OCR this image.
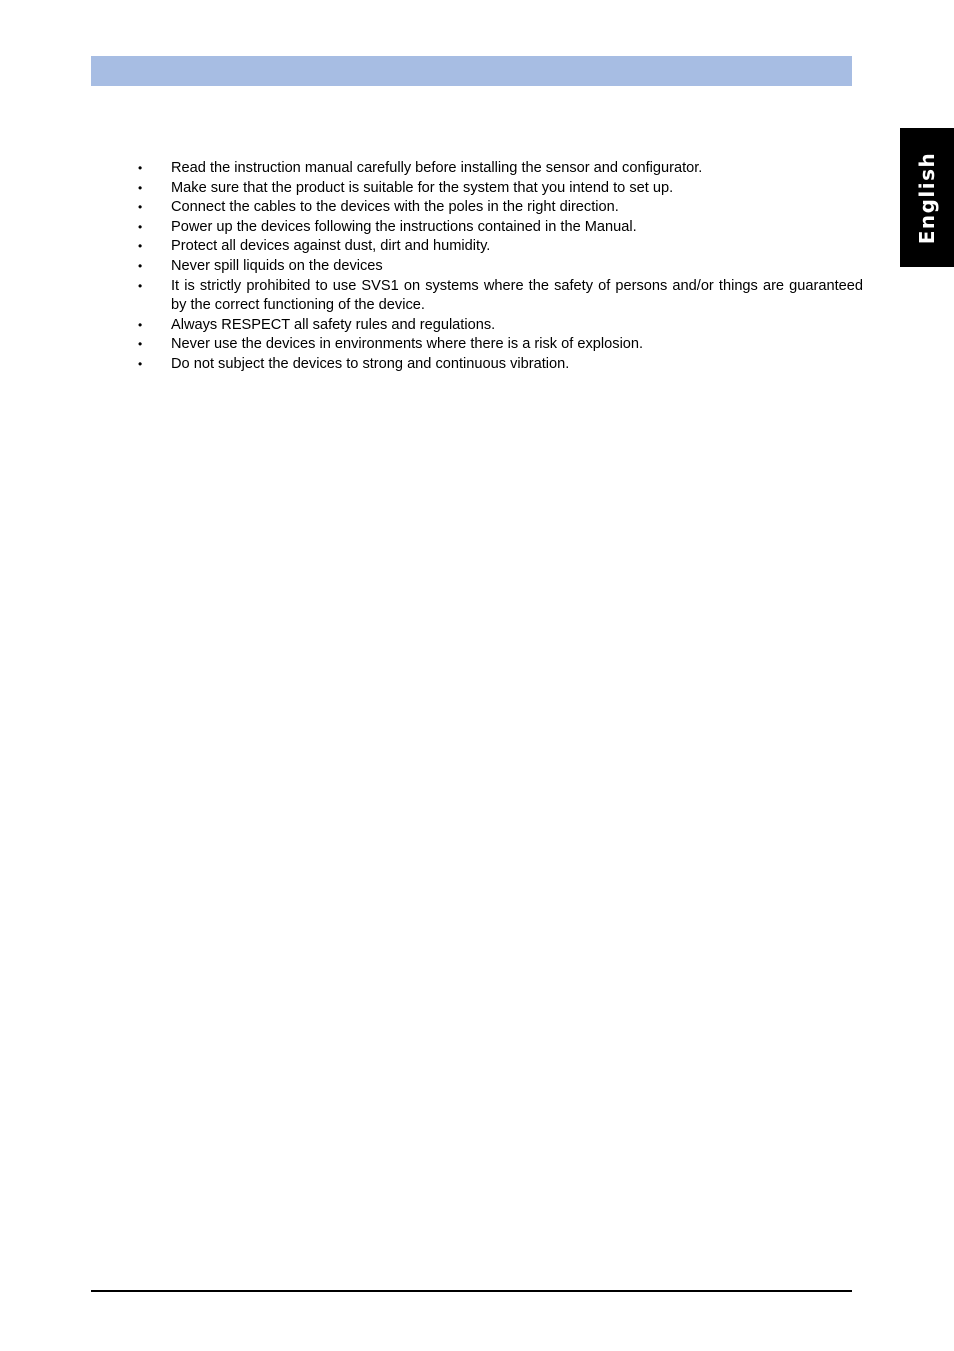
English
•	Read the instruction manual carefully before installing the sensor and configurator.
•	Make sure that the product is suitable for the system that you intend to set up.
•	Connect the cables to the devices with the poles in the right direction.
•	Power up the devices following the instructions contained in the Manual.
•	Protect all devices against dust, dirt and humidity.
•	Never spill liquids on the devices
•	It is strictly prohibited to use SVS1 on systems where the safety of persons and/or things are guaranteed by the correct functioning of the device.
•	Always RESPECT all safety rules and regulations.
•	Never use the devices in environments where there is a risk of explosion.
•	Do not subject the devices to strong and continuous vibration.
